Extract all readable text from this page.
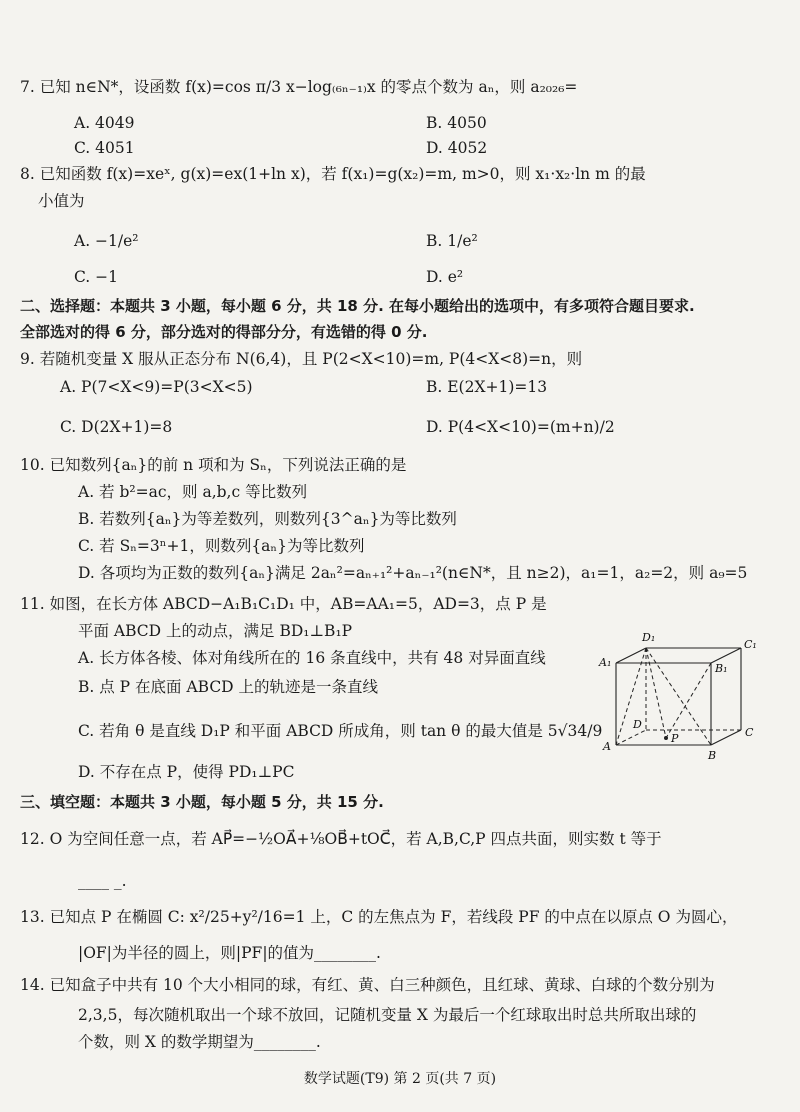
7. 已知 n∈N*，设函数 f(x)=cos π/3 x−log₍₆ₙ₋₁₎x 的零点个数为 aₙ，则 a₂₀₂₆=
A. 4049	B. 4050
C. 4051	D. 4052
8. 已知函数 f(x)=xeˣ, g(x)=ex(1+ln x)，若 f(x₁)=g(x₂)=m, m>0，则 x₁·x₂·ln m 的最
小值为
A. −1/e²	B. 1/e²
C. −1	D. e²
二、选择题：本题共 3 小题，每小题 6 分，共 18 分. 在每小题给出的选项中，有多项符合题目要求.
全部选对的得 6 分，部分选对的得部分分，有选错的得 0 分.
9. 若随机变量 X 服从正态分布 N(6,4)，且 P(2<X<10)=m, P(4<X<8)=n，则
A. P(7<X<9)=P(3<X<5)	B. E(2X+1)=13
C. D(2X+1)=8	D. P(4<X<10)=(m+n)/2
10. 已知数列{aₙ}的前 n 项和为 Sₙ，下列说法正确的是
A. 若 b²=ac，则 a,b,c 等比数列
B. 若数列{aₙ}为等差数列，则数列{3^aₙ}为等比数列
C. 若 Sₙ=3ⁿ+1，则数列{aₙ}为等比数列
D. 各项均为正数的数列{aₙ}满足 2aₙ²=aₙ₊₁²+aₙ₋₁²(n∈N*，且 n≥2)，a₁=1，a₂=2，则 a₉=5
11. 如图，在长方体 ABCD−A₁B₁C₁D₁ 中，AB=AA₁=5，AD=3，点 P 是
平面 ABCD 上的动点，满足 BD₁⊥B₁P
A. 长方体各棱、体对角线所在的 16 条直线中，共有 48 对异面直线
B. 点 P 在底面 ABCD 上的轨迹是一条直线
C. 若角 θ 是直线 D₁P 和平面 ABCD 所成角，则 tan θ 的最大值是 5√34/9
D. 不存在点 P，使得 PD₁⊥PC
D₁
C₁
A₁	B₁
D
C
A
B
P
三、填空题：本题共 3 小题，每小题 5 分，共 15 分.
12. O 为空间任意一点，若 AP⃗=−½OA⃗+⅛OB⃗+tOC⃗，若 A,B,C,P 四点共面，则实数 t 等于
____ _.
13. 已知点 P 在椭圆 C: x²/25+y²/16=1 上，C 的左焦点为 F，若线段 PF 的中点在以原点 O 为圆心，
|OF|为半径的圆上，则|PF|的值为________.
14. 已知盒子中共有 10 个大小相同的球，有红、黄、白三种颜色，且红球、黄球、白球的个数分别为
2,3,5，每次随机取出一个球不放回，记随机变量 X 为最后一个红球取出时总共所取出球的
个数，则 X 的数学期望为________.
数学试题(T9) 第 2 页(共 7 页)
